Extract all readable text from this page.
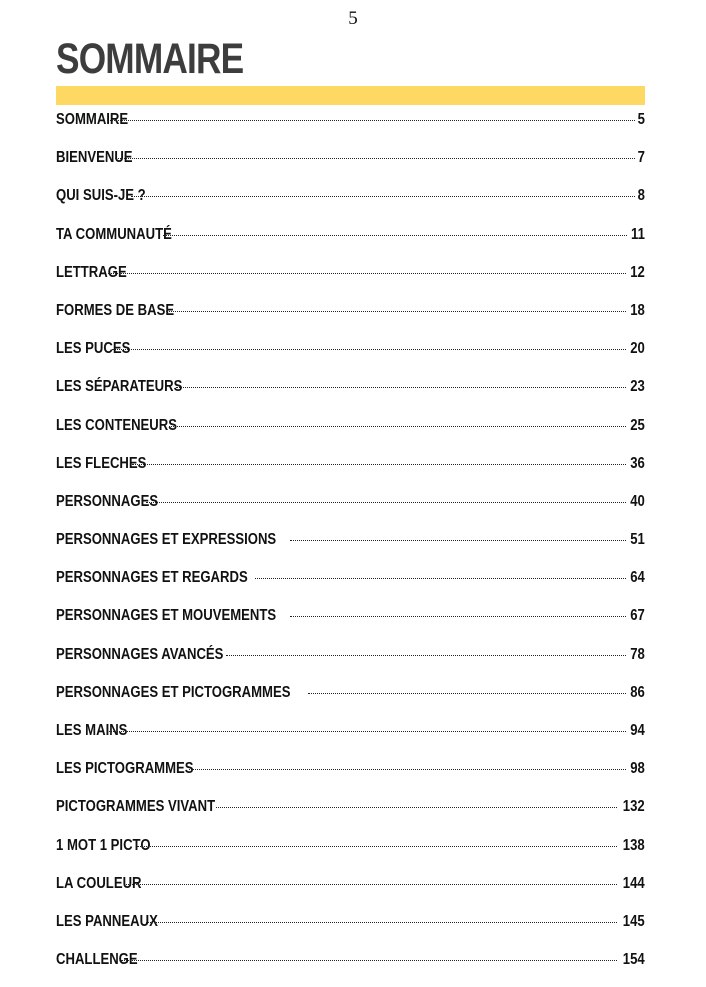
5
SOMMAIRE
SOMMAIRE	5
BIENVENUE	7
QUI SUIS-JE ?	8
TA COMMUNAUTÉ	11
LETTRAGE	12
FORMES DE BASE	18
LES PUCES	20
LES SÉPARATEURS	23
LES CONTENEURS	25
LES FLECHES	36
PERSONNAGES	40
PERSONNAGES ET EXPRESSIONS	51
PERSONNAGES ET REGARDS	64
PERSONNAGES ET MOUVEMENTS	67
PERSONNAGES AVANCÉS	78
PERSONNAGES ET PICTOGRAMMES	86
LES MAINS	94
LES PICTOGRAMMES	98
PICTOGRAMMES VIVANT	132
1 MOT 1 PICTO	138
LA COULEUR	144
LES PANNEAUX	145
CHALLENGE	154
